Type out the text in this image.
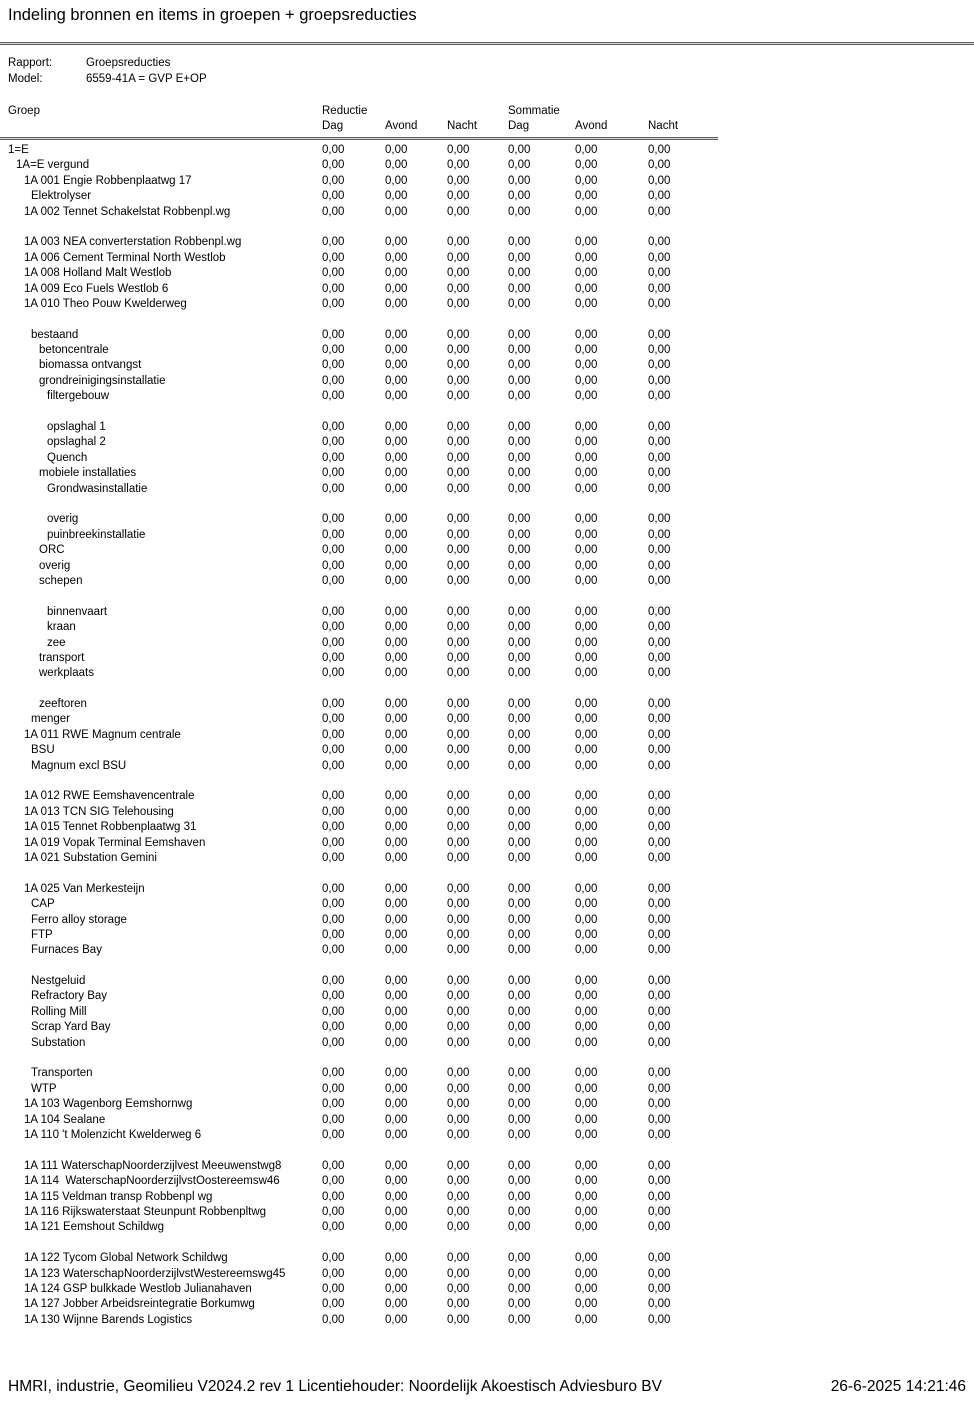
Indeling bronnen en items in groepen + groepsreducties
Rapport:	Groepsreducties
Model:	6559-41A = GVP E+OP
Groep	Reductie	Sommatie
Dag	Avond	Nacht	Dag	Avond	Nacht
1=E	0,00	0,00	0,00	0,00	0,00	0,00
1A=E vergund	0,00	0,00	0,00	0,00	0,00	0,00
1A 001 Engie Robbenplaatwg 17	0,00	0,00	0,00	0,00	0,00	0,00
Elektrolyser	0,00	0,00	0,00	0,00	0,00	0,00
1A 002 Tennet Schakelstat Robbenpl.wg	0,00	0,00	0,00	0,00	0,00	0,00
1A 003 NEA converterstation Robbenpl.wg	0,00	0,00	0,00	0,00	0,00	0,00
1A 006 Cement Terminal North Westlob	0,00	0,00	0,00	0,00	0,00	0,00
1A 008 Holland Malt Westlob	0,00	0,00	0,00	0,00	0,00	0,00
1A 009 Eco Fuels Westlob 6	0,00	0,00	0,00	0,00	0,00	0,00
1A 010 Theo Pouw Kwelderweg	0,00	0,00	0,00	0,00	0,00	0,00
bestaand	0,00	0,00	0,00	0,00	0,00	0,00
betoncentrale	0,00	0,00	0,00	0,00	0,00	0,00
biomassa ontvangst	0,00	0,00	0,00	0,00	0,00	0,00
grondreinigingsinstallatie	0,00	0,00	0,00	0,00	0,00	0,00
filtergebouw	0,00	0,00	0,00	0,00	0,00	0,00
opslaghal 1	0,00	0,00	0,00	0,00	0,00	0,00
opslaghal 2	0,00	0,00	0,00	0,00	0,00	0,00
Quench	0,00	0,00	0,00	0,00	0,00	0,00
mobiele installaties	0,00	0,00	0,00	0,00	0,00	0,00
Grondwasinstallatie	0,00	0,00	0,00	0,00	0,00	0,00
overig	0,00	0,00	0,00	0,00	0,00	0,00
puinbreekinstallatie	0,00	0,00	0,00	0,00	0,00	0,00
ORC	0,00	0,00	0,00	0,00	0,00	0,00
overig	0,00	0,00	0,00	0,00	0,00	0,00
schepen	0,00	0,00	0,00	0,00	0,00	0,00
binnenvaart	0,00	0,00	0,00	0,00	0,00	0,00
kraan	0,00	0,00	0,00	0,00	0,00	0,00
zee	0,00	0,00	0,00	0,00	0,00	0,00
transport	0,00	0,00	0,00	0,00	0,00	0,00
werkplaats	0,00	0,00	0,00	0,00	0,00	0,00
zeeftoren	0,00	0,00	0,00	0,00	0,00	0,00
menger	0,00	0,00	0,00	0,00	0,00	0,00
1A 011 RWE Magnum centrale	0,00	0,00	0,00	0,00	0,00	0,00
BSU	0,00	0,00	0,00	0,00	0,00	0,00
Magnum excl BSU	0,00	0,00	0,00	0,00	0,00	0,00
1A 012 RWE Eemshavencentrale	0,00	0,00	0,00	0,00	0,00	0,00
1A 013 TCN SIG Telehousing	0,00	0,00	0,00	0,00	0,00	0,00
1A 015 Tennet Robbenplaatwg 31	0,00	0,00	0,00	0,00	0,00	0,00
1A 019 Vopak Terminal Eemshaven	0,00	0,00	0,00	0,00	0,00	0,00
1A 021 Substation Gemini	0,00	0,00	0,00	0,00	0,00	0,00
1A 025 Van Merkesteijn	0,00	0,00	0,00	0,00	0,00	0,00
CAP	0,00	0,00	0,00	0,00	0,00	0,00
Ferro alloy storage	0,00	0,00	0,00	0,00	0,00	0,00
FTP	0,00	0,00	0,00	0,00	0,00	0,00
Furnaces Bay	0,00	0,00	0,00	0,00	0,00	0,00
Nestgeluid	0,00	0,00	0,00	0,00	0,00	0,00
Refractory Bay	0,00	0,00	0,00	0,00	0,00	0,00
Rolling Mill	0,00	0,00	0,00	0,00	0,00	0,00
Scrap Yard Bay	0,00	0,00	0,00	0,00	0,00	0,00
Substation	0,00	0,00	0,00	0,00	0,00	0,00
Transporten	0,00	0,00	0,00	0,00	0,00	0,00
WTP	0,00	0,00	0,00	0,00	0,00	0,00
1A 103 Wagenborg Eemshornwg	0,00	0,00	0,00	0,00	0,00	0,00
1A 104 Sealane	0,00	0,00	0,00	0,00	0,00	0,00
1A 110 't Molenzicht Kwelderweg 6	0,00	0,00	0,00	0,00	0,00	0,00
1A 111 WaterschapNoorderzijlvest Meeuwenstwg8	0,00	0,00	0,00	0,00	0,00	0,00
1A 114  WaterschapNoorderzijlvstOostereemsw46	0,00	0,00	0,00	0,00	0,00	0,00
1A 115 Veldman transp Robbenpl wg	0,00	0,00	0,00	0,00	0,00	0,00
1A 116 Rijkswaterstaat Steunpunt Robbenpltwg	0,00	0,00	0,00	0,00	0,00	0,00
1A 121 Eemshout Schildwg	0,00	0,00	0,00	0,00	0,00	0,00
1A 122 Tycom Global Network Schildwg	0,00	0,00	0,00	0,00	0,00	0,00
1A 123 WaterschapNoorderzijlvstWestereemswg45	0,00	0,00	0,00	0,00	0,00	0,00
1A 124 GSP bulkkade Westlob Julianahaven	0,00	0,00	0,00	0,00	0,00	0,00
1A 127 Jobber Arbeidsreintegratie Borkumwg	0,00	0,00	0,00	0,00	0,00	0,00
1A 130 Wijnne Barends Logistics	0,00	0,00	0,00	0,00	0,00	0,00
HMRI, industrie, Geomilieu V2024.2 rev 1 Licentiehouder: Noordelijk Akoestisch Adviesburo BV	26-6-2025 14:21:46
